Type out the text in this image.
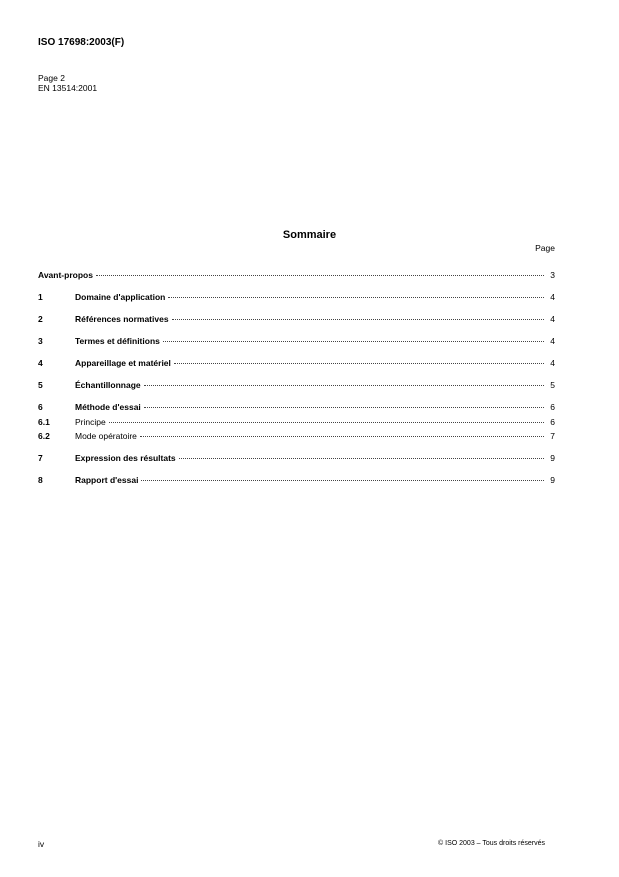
ISO 17698:2003(F)
Page 2
EN 13514:2001
Sommaire
Page
Avant-propos	3
1	Domaine d'application	4
2	Références normatives	4
3	Termes et définitions	4
4	Appareillage et matériel	4
5	Échantillonnage	5
6	Méthode d'essai	6
6.1	Principe	6
6.2	Mode opératoire	7
7	Expression des résultats	9
8	Rapport d'essai	9
iv	© ISO 2003 – Tous droits réservés
